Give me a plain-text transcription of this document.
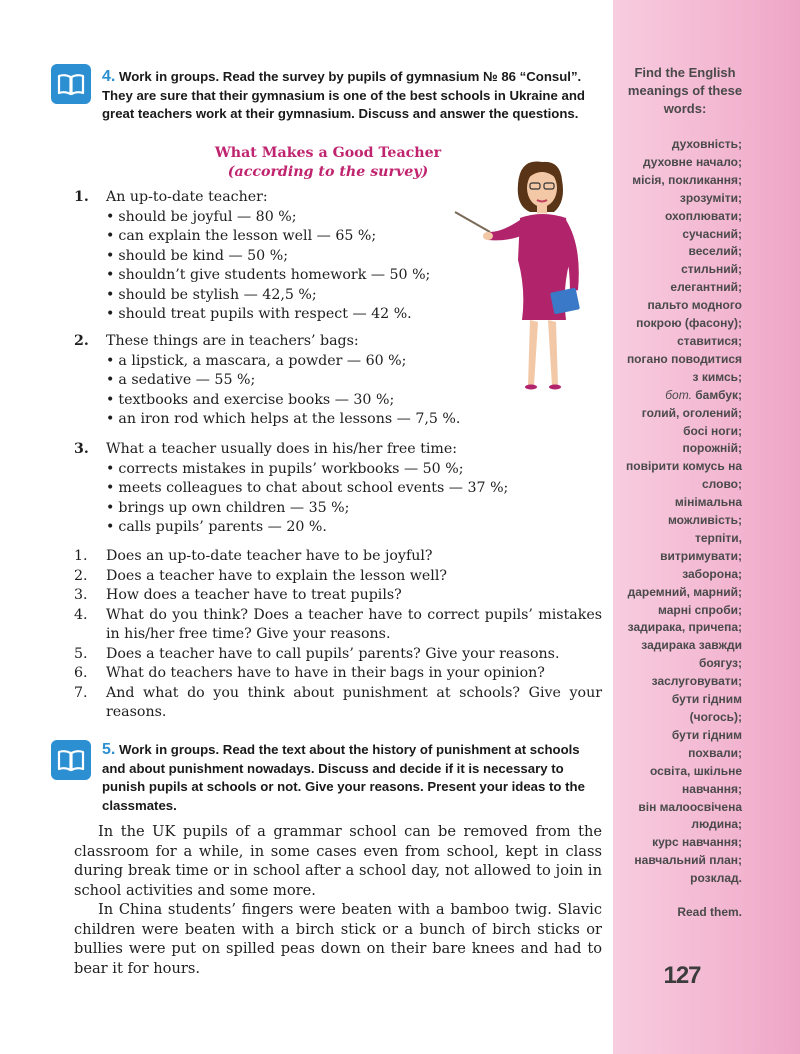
Find the English meanings of these words:
духовність;
духовне начало;
місія, покликання;
зрозуміти;
охоплювати;
сучасний;
веселий;
стильний;
елегантний;
пальто модного
покрою (фасону);
ставитися;
погано поводитися
з кимсь;
бот. бамбук;
голий, оголений;
босі ноги;
порожній;
повірити комусь на
слово;
мінімальна
можливість;
терпіти,
витримувати;
заборона;
даремний, марний;
марні спроби;
задирака, причепа;
задирака завжди
боягуз;
заслуговувати;
бути гідним
(чогось);
бути гідним
похвали;
освіта, шкільне
навчання;
він малоосвічена
людина;
курс навчання;
навчальний план;
розклад.
Read them.
127
4. Work in groups. Read the survey by pupils of gymnasium № 86 “Consul”. They are sure that their gymnasium is one of the best schools in Ukraine and great teachers work at their gymnasium. Discuss and answer the questions.
What Makes a Good Teacher
(according to the survey)
1. An up-to-date teacher:
• should be joyful — 80 %;
• can explain the lesson well — 65 %;
• should be kind — 50 %;
• shouldn’t give students homework — 50 %;
• should be stylish — 42,5 %;
• should treat pupils with respect — 42 %.
2. These things are in teachers’ bags:
• a lipstick, a mascara, a powder — 60 %;
• a sedative — 55 %;
• textbooks and exercise books — 30 %;
• an iron rod which helps at the lessons — 7,5 %.
3. What a teacher usually does in his/her free time:
• corrects mistakes in pupils’ workbooks — 50 %;
• meets colleagues to chat about school events — 37 %;
• brings up own children — 35 %;
• calls pupils’ parents — 20 %.
1. Does an up-to-date teacher have to be joyful?
2. Does a teacher have to explain the lesson well?
3. How does a teacher have to treat pupils?
4. What do you think? Does a teacher have to correct pupils’ mistakes in his/her free time? Give your reasons.
5. Does a teacher have to call pupils’ parents? Give your reasons.
6. What do teachers have to have in their bags in your opinion?
7. And what do you think about punishment at schools? Give your reasons.
5. Work in groups. Read the text about the history of punishment at schools and about punishment nowadays. Discuss and decide if it is necessary to punish pupils at schools or not. Give your reasons. Present your ideas to the classmates.

In the UK pupils of a grammar school can be removed from the classroom for a while, in some cases even from school, kept in class during break time or in school after a school day, not allowed to join in school activities and some more.

In China students’ fingers were beaten with a bamboo twig. Slavic children were beaten with a birch stick or a bunch of birch sticks or bullies were put on spilled peas down on their bare knees and had to bear it for hours.
